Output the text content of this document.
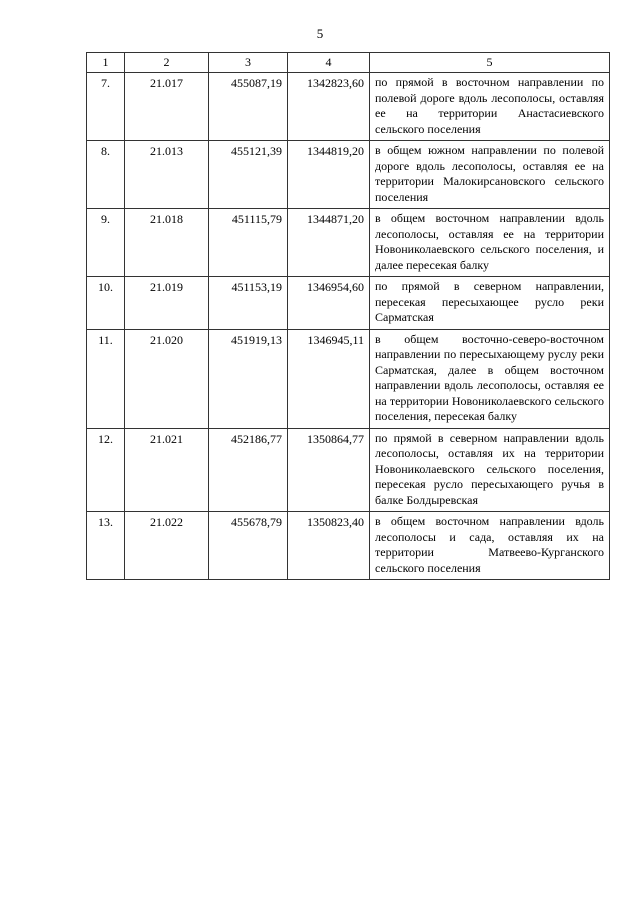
5
1	2	3	4	5
7.	21.017	455087,19	1342823,60	по прямой в восточном направлении по полевой дороге вдоль лесополосы, оставляя ее на территории Анастасиевского сельского поселения
8.	21.013	455121,39	1344819,20	в общем южном направлении по полевой дороге вдоль лесополосы, оставляя ее на территории Малокирсановского сельского поселения
9.	21.018	451115,79	1344871,20	в общем восточном направлении вдоль лесополосы, оставляя ее на территории Новониколаевского сельского поселения, и далее пересекая балку
10.	21.019	451153,19	1346954,60	по прямой в северном направлении, пересекая пересыхающее русло реки Сарматская
11.	21.020	451919,13	1346945,11	в общем восточно-северо-восточном направлении по пересыхающему руслу реки Сарматская, далее в общем восточном направлении вдоль лесополосы, оставляя ее на территории Новониколаевского сельского поселения, пересекая балку
12.	21.021	452186,77	1350864,77	по прямой в северном направлении вдоль лесополосы, оставляя их на территории Новониколаевского сельского поселения, пересекая русло пересыхающего ручья в балке Болдыревская
13.	21.022	455678,79	1350823,40	в общем восточном направлении вдоль лесополосы и сада, оставляя их на территории Матвеево-Курганского сельского поселения
